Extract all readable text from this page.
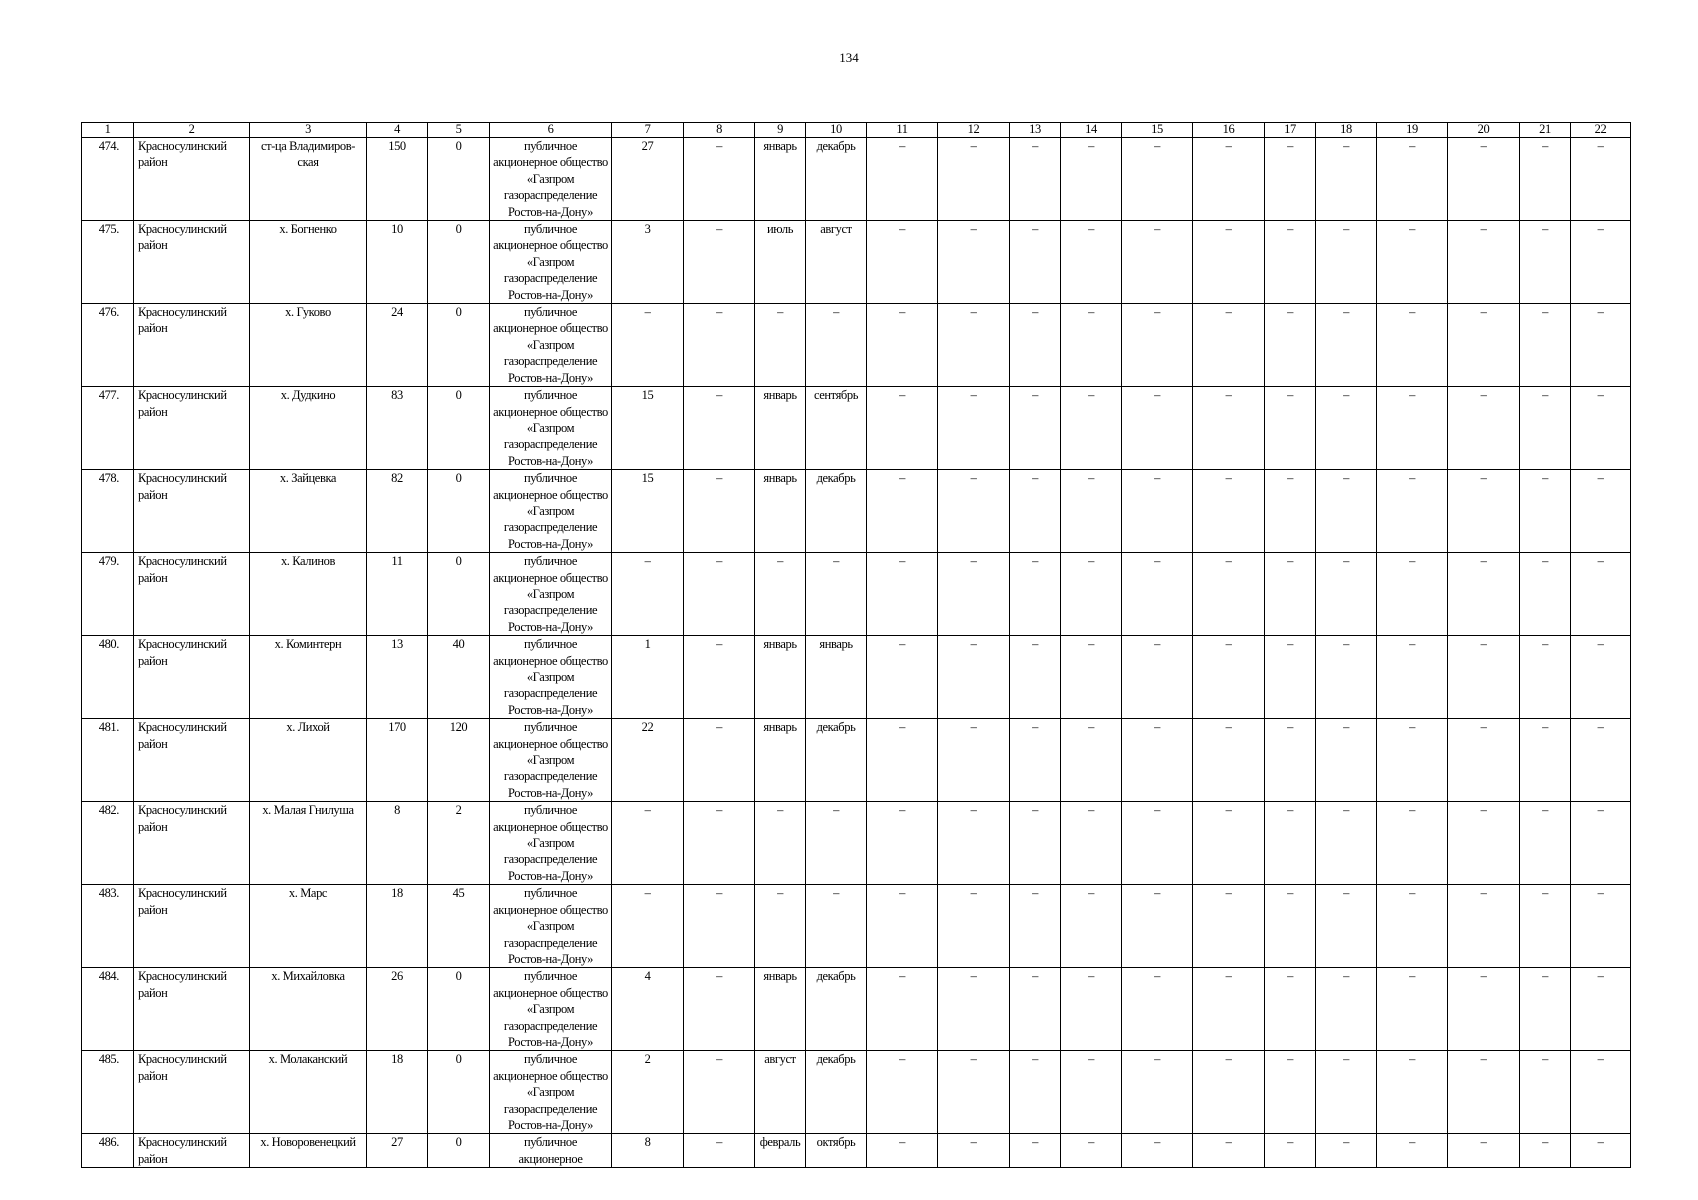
134
1	2	3	4	5	6	7	8	9	10	11	12	13	14	15	16	17	18	19	20	21	22
474.	Красносулинский район	ст-ца Владимиров-ская	150	0	публичное акционерное общество «Газпром газораспределение Ростов-на-Дону»	27	–	январь	декабрь	–	–	–	–	–	–	–	–	–	–	–	–
475.	Красносулинский район	х. Богненко	10	0	публичное акционерное общество «Газпром газораспределение Ростов-на-Дону»	3	–	июль	август	–	–	–	–	–	–	–	–	–	–	–	–
476.	Красносулинский район	х. Гуково	24	0	публичное акционерное общество «Газпром газораспределение Ростов-на-Дону»	–	–	–	–	–	–	–	–	–	–	–	–	–	–	–	–
477.	Красносулинский район	х. Дудкино	83	0	публичное акционерное общество «Газпром газораспределение Ростов-на-Дону»	15	–	январь	сентябрь	–	–	–	–	–	–	–	–	–	–	–	–
478.	Красносулинский район	х. Зайцевка	82	0	публичное акционерное общество «Газпром газораспределение Ростов-на-Дону»	15	–	январь	декабрь	–	–	–	–	–	–	–	–	–	–	–	–
479.	Красносулинский район	х. Калинов	11	0	публичное акционерное общество «Газпром газораспределение Ростов-на-Дону»	–	–	–	–	–	–	–	–	–	–	–	–	–	–	–	–
480.	Красносулинский район	х. Коминтерн	13	40	публичное акционерное общество «Газпром газораспределение Ростов-на-Дону»	1	–	январь	январь	–	–	–	–	–	–	–	–	–	–	–	–
481.	Красносулинский район	х. Лихой	170	120	публичное акционерное общество «Газпром газораспределение Ростов-на-Дону»	22	–	январь	декабрь	–	–	–	–	–	–	–	–	–	–	–	–
482.	Красносулинский район	х. Малая Гнилуша	8	2	публичное акционерное общество «Газпром газораспределение Ростов-на-Дону»	–	–	–	–	–	–	–	–	–	–	–	–	–	–	–	–
483.	Красносулинский район	х. Марс	18	45	публичное акционерное общество «Газпром газораспределение Ростов-на-Дону»	–	–	–	–	–	–	–	–	–	–	–	–	–	–	–	–
484.	Красносулинский район	х. Михайловка	26	0	публичное акционерное общество «Газпром газораспределение Ростов-на-Дону»	4	–	январь	декабрь	–	–	–	–	–	–	–	–	–	–	–	–
485.	Красносулинский район	х. Молаканский	18	0	публичное акционерное общество «Газпром газораспределение Ростов-на-Дону»	2	–	август	декабрь	–	–	–	–	–	–	–	–	–	–	–	–
486.	Красносулинский район	х. Новоровенецкий	27	0	публичное акционерное	8	–	февраль	октябрь	–	–	–	–	–	–	–	–	–	–	–	–
